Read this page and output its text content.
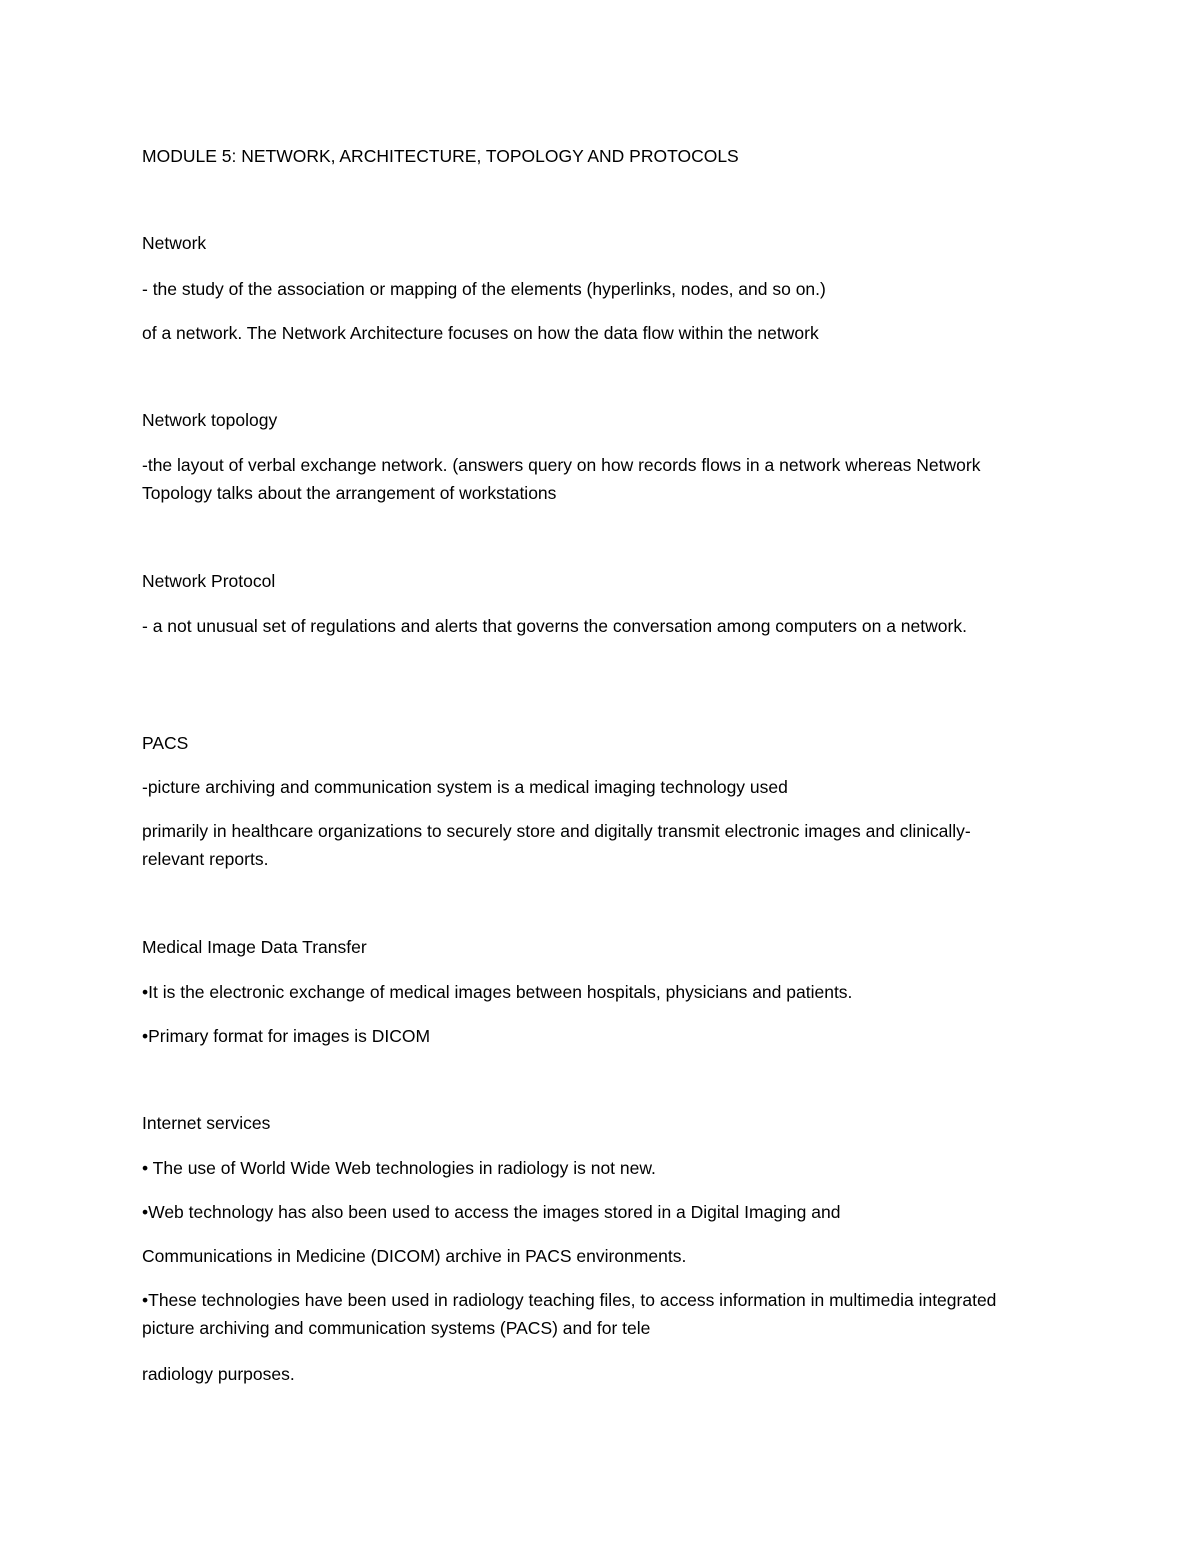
MODULE 5: NETWORK, ARCHITECTURE, TOPOLOGY AND PROTOCOLS

Network

- the study of the association or mapping of the elements (hyperlinks, nodes, and so on.)

of a network. The Network Architecture focuses on how the data flow within the network

Network topology

-the layout of verbal exchange network. (answers query on how records flows in a network whereas Network Topology talks about the arrangement of workstations

Network Protocol

- a not unusual set of regulations and alerts that governs the conversation among computers on a network.

PACS

-picture archiving and communication system is a medical imaging technology used

primarily in healthcare organizations to securely store and digitally transmit electronic images and clinically-relevant reports.

Medical Image Data Transfer

•It is the electronic exchange of medical images between hospitals, physicians and patients.

•Primary format for images is DICOM

Internet services

• The use of World Wide Web technologies in radiology is not new.

•Web technology has also been used to access the images stored in a Digital Imaging and

Communications in Medicine (DICOM) archive in PACS environments.

•These technologies have been used in radiology teaching files, to access information in multimedia integrated picture archiving and communication systems (PACS) and for tele

radiology purposes.
